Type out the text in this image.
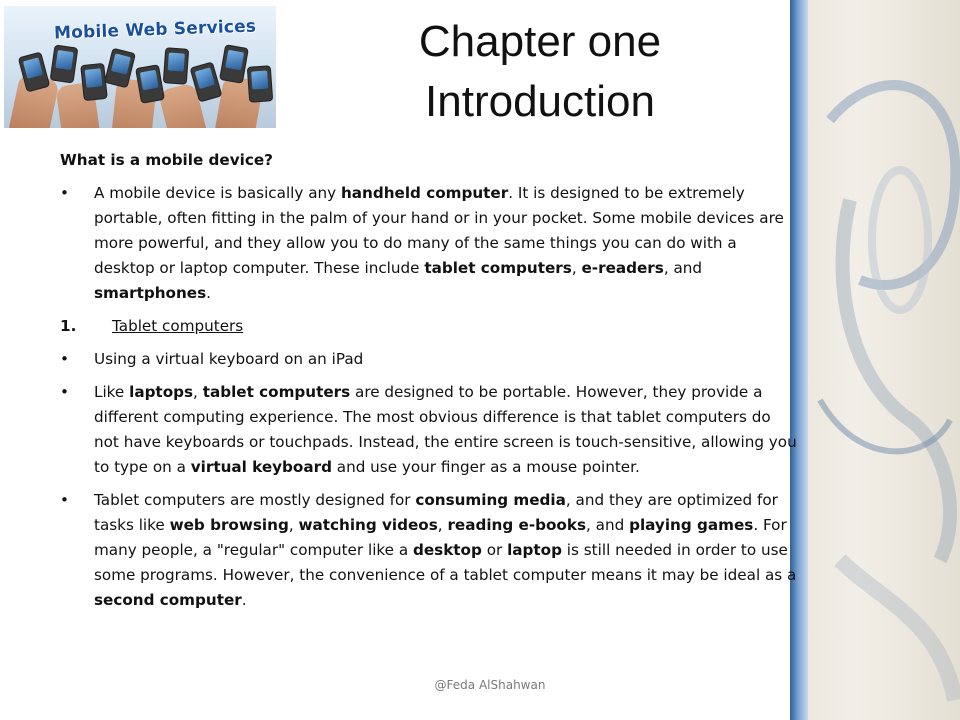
Mobile Web Services	Chapter one
Introduction
What is a mobile device?
• A mobile device is basically any handheld computer. It is designed to be extremely portable, often fitting in the palm of your hand or in your pocket. Some mobile devices are more powerful, and they allow you to do many of the same things you can do with a desktop or laptop computer. These include tablet computers, e-readers, and smartphones.
1. Tablet computers
• Using a virtual keyboard on an iPad
• Like laptops, tablet computers are designed to be portable. However, they provide a different computing experience. The most obvious difference is that tablet computers do not have keyboards or touchpads. Instead, the entire screen is touch-sensitive, allowing you to type on a virtual keyboard and use your finger as a mouse pointer.
• Tablet computers are mostly designed for consuming media, and they are optimized for tasks like web browsing, watching videos, reading e-books, and playing games. For many people, a "regular" computer like a desktop or laptop is still needed in order to use some programs. However, the convenience of a tablet computer means it may be ideal as a second computer.
@Feda AlShahwan
